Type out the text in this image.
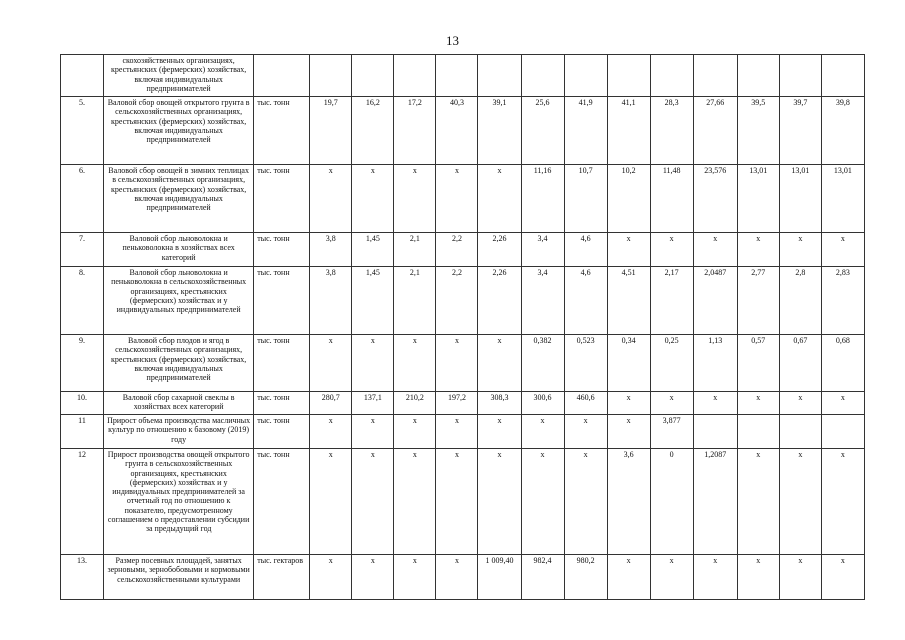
13
	скохозяйственных организациях, крестьянских (фермерских) хозяйствах, включая индивидуальных предпринимателей														
5.	Валовой сбор овощей открытого грунта в сельскохозяйственных организациях, крестьянских (фермерских) хозяйствах, включая индивидуальных предпринимателей	тыс. тонн	19,7	16,2	17,2	40,3	39,1	25,6	41,9	41,1	28,3	27,66	39,5	39,7	39,8
6.	Валовой сбор овощей в зимних теплицах в сельскохозяйственных организациях, крестьянских (фермерских) хозяйствах, включая индивидуальных предпринимателей	тыс. тонн	x	x	x	x	x	11,16	10,7	10,2	11,48	23,576	13,01	13,01	13,01
7.	Валовой сбор льноволокна и пеньковолокна в хозяйствах всех категорий	тыс. тонн	3,8	1,45	2,1	2,2	2,26	3,4	4,6	x	x	x	x	x	x
8.	Валовой сбор льноволокна и пеньковолокна в сельскохозяйственных организациях, крестьянских (фермерских) хозяйствах и у индивидуальных предпринимателей	тыс. тонн	3,8	1,45	2,1	2,2	2,26	3,4	4,6	4,51	2,17	2,0487	2,77	2,8	2,83
9.	Валовой сбор плодов и ягод в сельскохозяйственных организациях, крестьянских (фермерских) хозяйствах, включая индивидуальных предпринимателей	тыс. тонн	x	x	x	x	x	0,382	0,523	0,34	0,25	1,13	0,57	0,67	0,68
10.	Валовой сбор сахарной свеклы в хозяйствах всех категорий	тыс. тонн	280,7	137,1	210,2	197,2	308,3	300,6	460,6	x	x	x	x	x	x
11	Прирост объема производства масличных культур по отношению к базовому (2019) году	тыс. тонн	x	x	x	x	x	x	x	x	3,877				
12	Прирост производства овощей открытого грунта в сельскохозяйственных организациях, крестьянских (фермерских) хозяйствах и у индивидуальных предпринимателей за отчетный год по отношению к показателю, предусмотренному соглашением о предоставлении субсидии за предыдущий год	тыс. тонн	x	x	x	x	x	x	x	3,6	0	1,2087	x	x	x
13.	Размер посевных площадей, занятых зерновыми, зернобобовыми и кормовыми сельскохозяйственными культурами	тыс. гектаров	x	x	x	x	1 009,40	982,4	980,2	x	x	x	x	x	x
